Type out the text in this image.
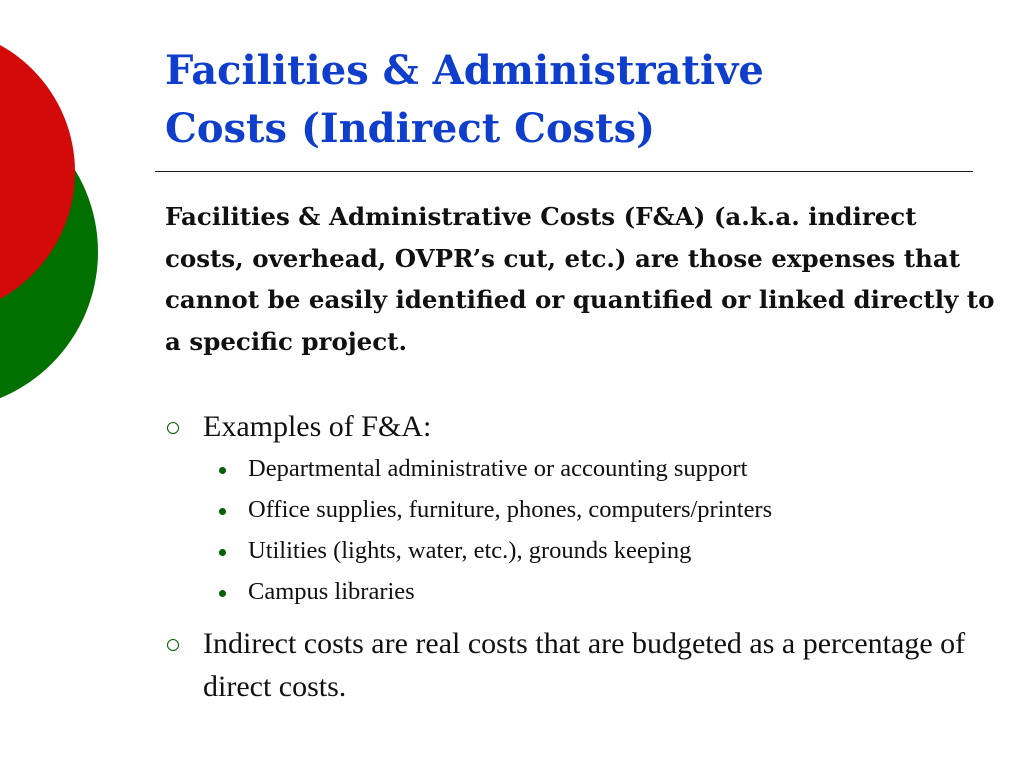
Facilities & Administrative
Costs (Indirect Costs)

Facilities & Administrative Costs (F&A) (a.k.a. indirect costs, overhead, OVPR’s cut, etc.) are those expenses that cannot be easily identified or quantified or linked directly to a specific project.

Examples of F&A:
Departmental administrative or accounting support
Office supplies, furniture, phones, computers/printers
Utilities (lights, water, etc.), grounds keeping
Campus libraries
Indirect costs are real costs that are budgeted as a percentage of direct costs.
